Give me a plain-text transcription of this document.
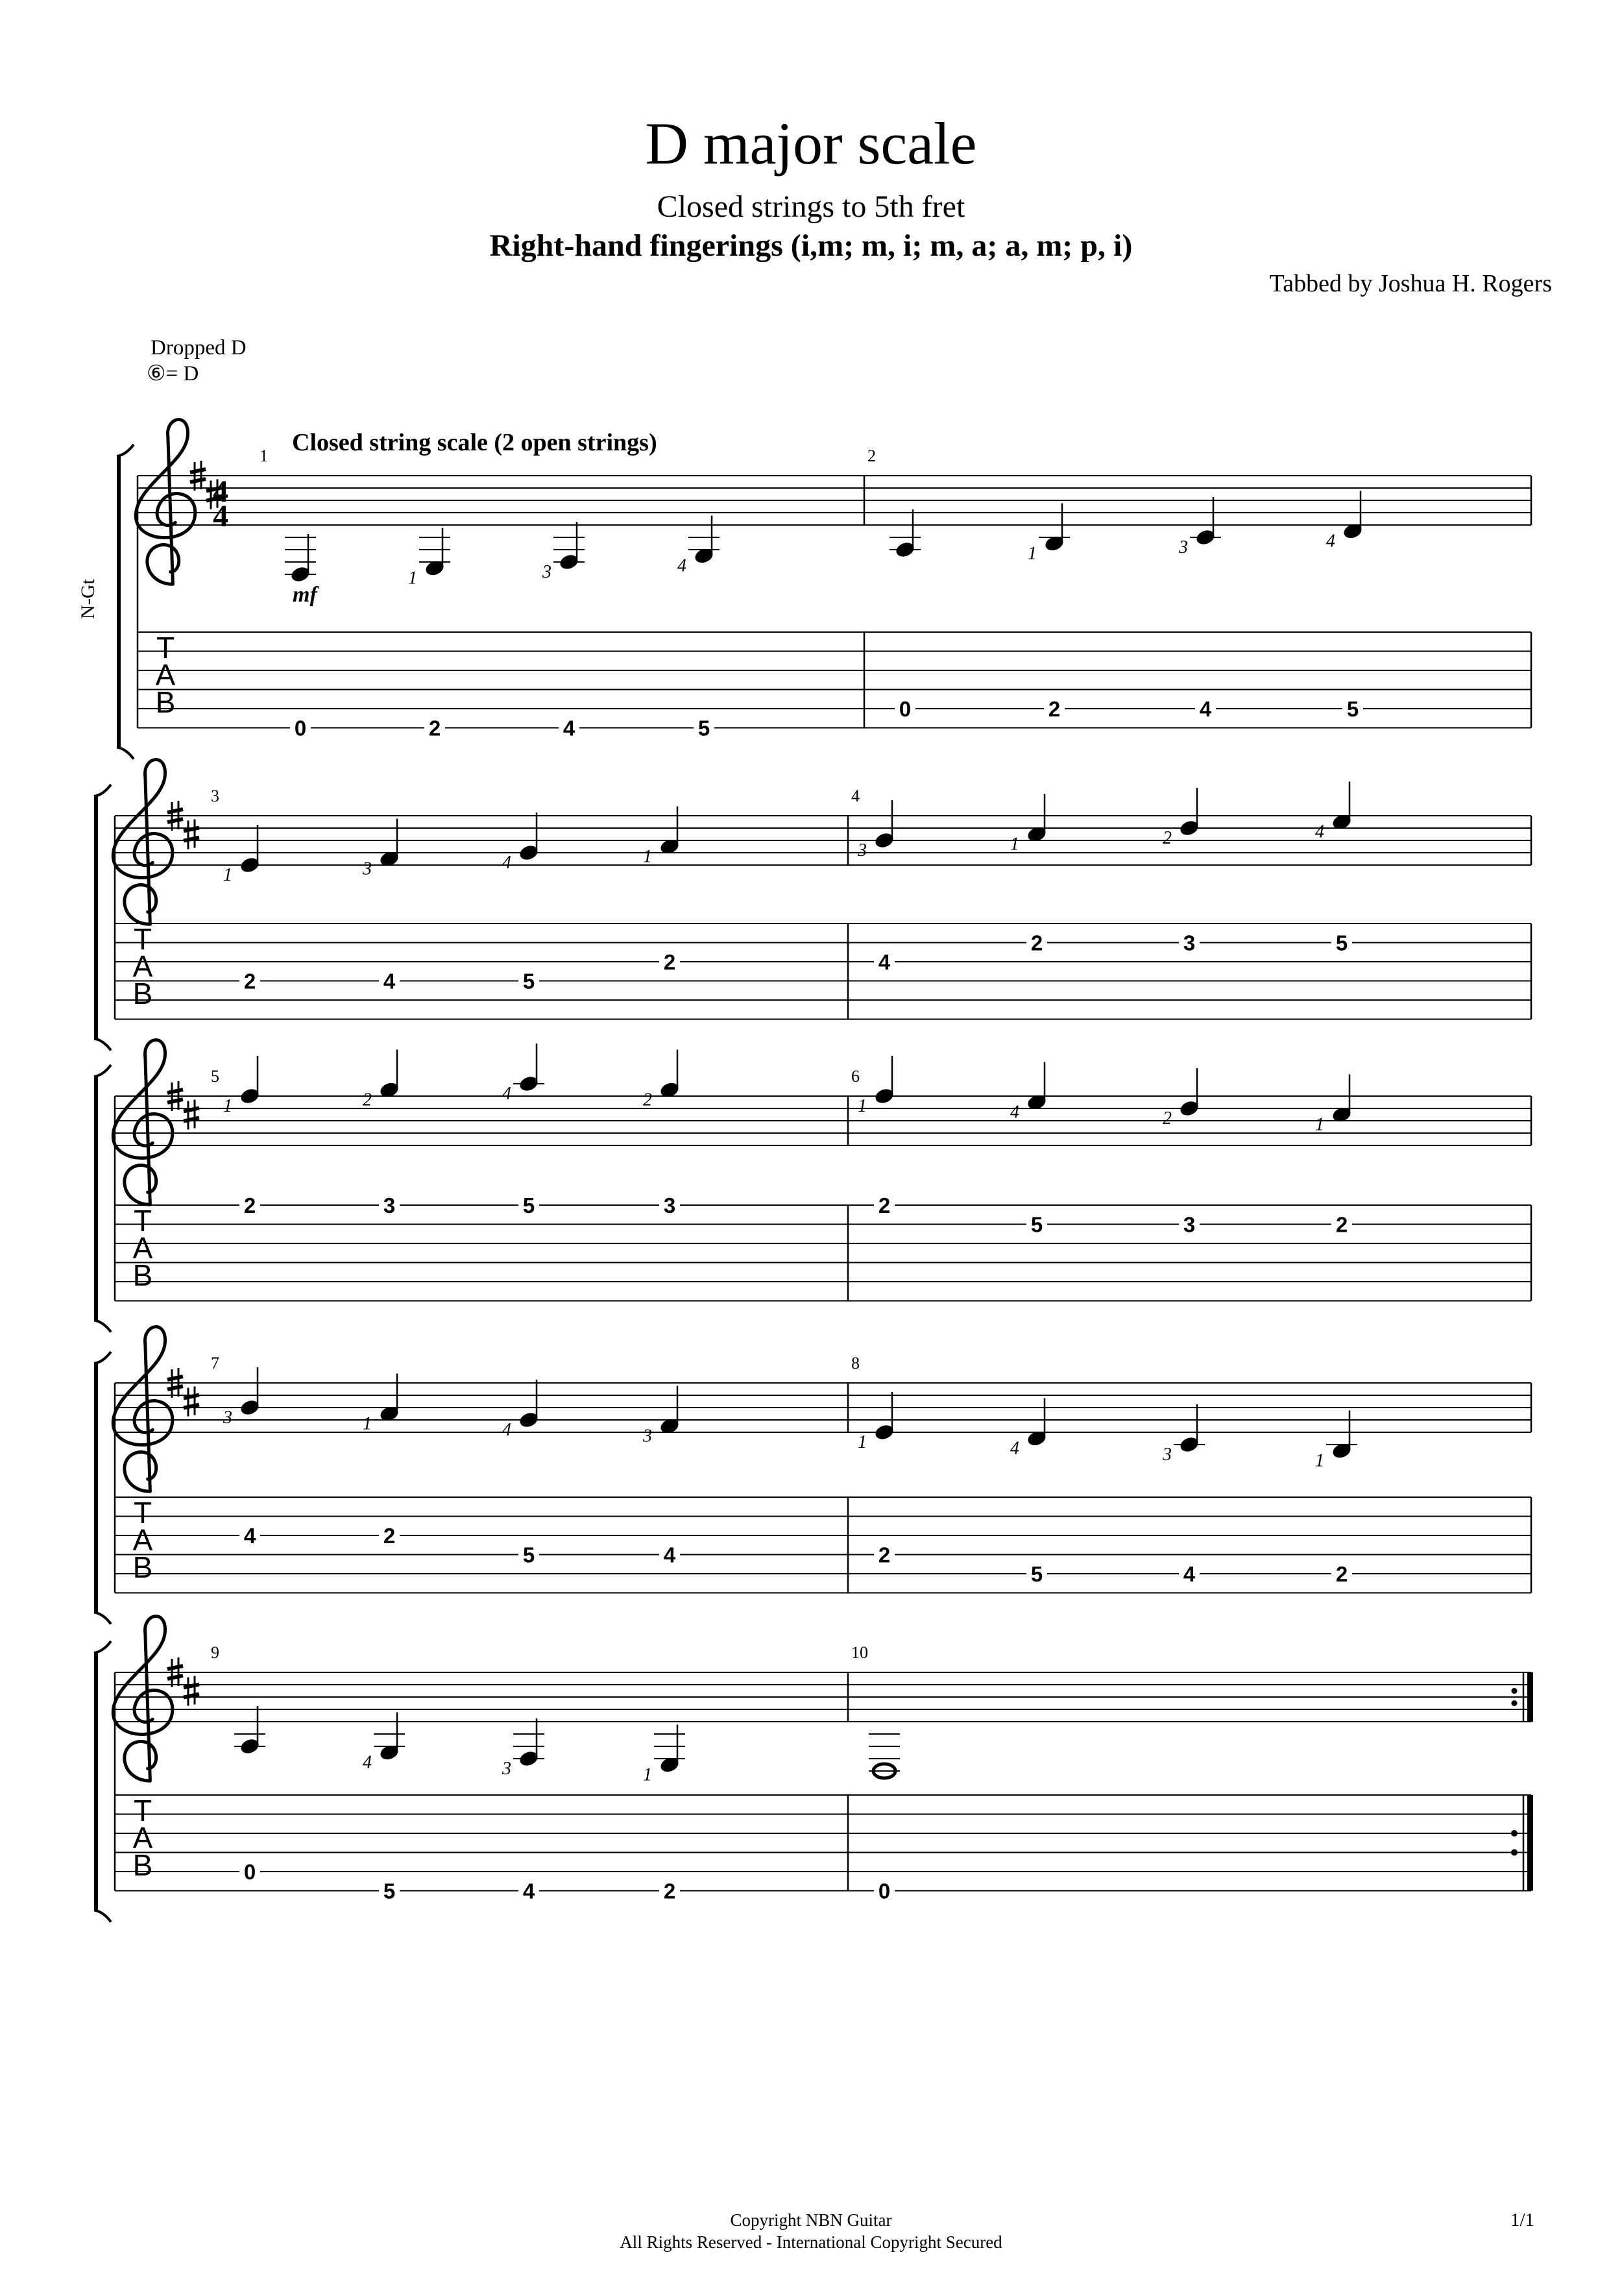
D major scale
Closed strings to 5th fret
Right-hand fingerings (i,m; m, i; m, a; a, m; p, i)
Tabbed by Joshua H. Rogers
Dropped D
⑥= D
Closed string scale (2 open strings)
T
A
B
4
4
N-Gt
1
0
1
2
3
4
4
5
2
0
1
2
3
4
4
5
mf
T
A
B
3
1
2
3
4
4
5
1
2
4
3
4
1
2
2
3
4
5
T
A
B
5
1
2
2
3
4
5
2
3
6
1
2
4
5
2
3
1
2
T
A
B
7
3
4
1
2
4
5
3
4
8
1
2
4
5
3
4
1
2
T
A
B
9
0
4
5
3
4
1
2
10
0
Copyright NBN Guitar
All Rights Reserved - International Copyright Secured
1/1
